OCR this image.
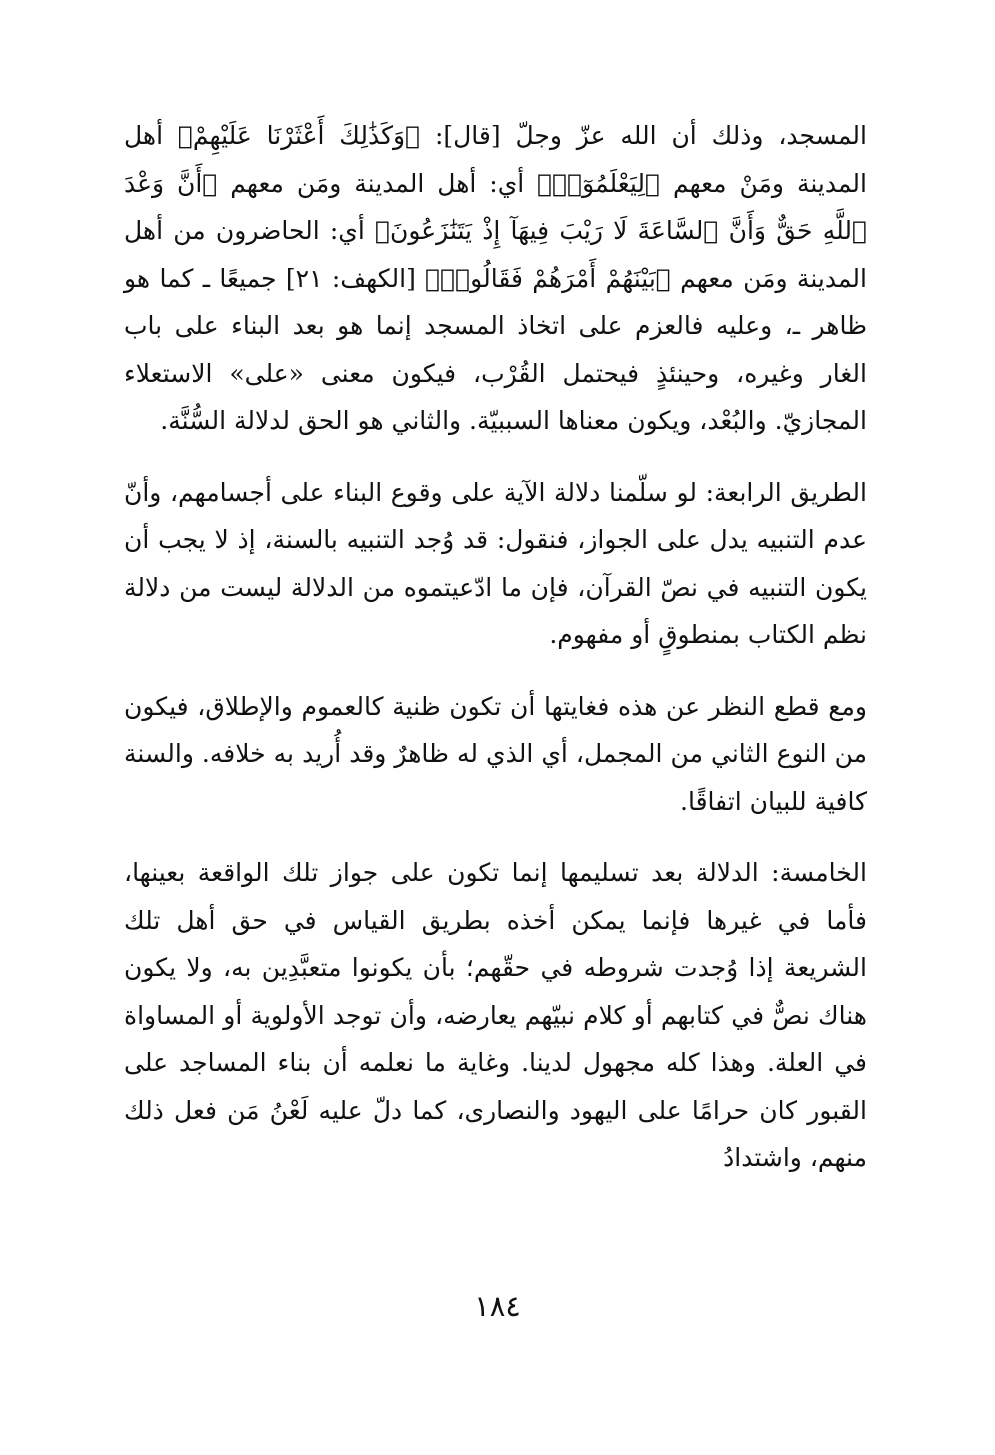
المسجد، وذلك أن الله عزّ وجلّ [قال]: ﴿وَكَذَٰلِكَ أَعْثَرْنَا عَلَيْهِمْ﴾ أهل المدينة ومَنْ معهم ﴿لِيَعْلَمُوٓا۟﴾ أي: أهل المدينة ومَن معهم ﴿أَنَّ وَعْدَ ٱللَّهِ حَقٌّ وَأَنَّ ٱلسَّاعَةَ لَا رَيْبَ فِيهَآ إِذْ يَتَنَٰزَعُونَ﴾ أي: الحاضرون من أهل المدينة ومَن معهم ﴿بَيْنَهُمْ أَمْرَهُمْ فَقَالُوا۟﴾ [الكهف: ٢١] جميعًا ـ كما هو ظاهر ـ، وعليه فالعزم على اتخاذ المسجد إنما هو بعد البناء على باب الغار وغيره، وحينئذٍ فيحتمل القُرْب، فيكون معنى «على» الاستعلاء المجازيّ. والبُعْد، ويكون معناها السببيّة. والثاني هو الحق لدلالة السُّنَّة.

الطريق الرابعة: لو سلّمنا دلالة الآية على وقوع البناء على أجسامهم، وأنّ عدم التنبيه يدل على الجواز، فنقول: قد وُجد التنبيه بالسنة، إذ لا يجب أن يكون التنبيه في نصّ القرآن، فإن ما ادّعيتموه من الدلالة ليست من دلالة نظم الكتاب بمنطوقٍ أو مفهوم.

ومع قطع النظر عن هذه فغايتها أن تكون ظنية كالعموم والإطلاق، فيكون من النوع الثاني من المجمل، أي الذي له ظاهرٌ وقد أُريد به خلافه. والسنة كافية للبيان اتفاقًا.

الخامسة: الدلالة بعد تسليمها إنما تكون على جواز تلك الواقعة بعينها، فأما في غيرها فإنما يمكن أخذه بطريق القياس في حق أهل تلك الشريعة إذا وُجدت شروطه في حقّهم؛ بأن يكونوا متعبَّدِين به، ولا يكون هناك نصٌّ في كتابهم أو كلام نبيّهم يعارضه، وأن توجد الأولوية أو المساواة في العلة. وهذا كله مجهول لدينا. وغاية ما نعلمه أن بناء المساجد على القبور كان حرامًا على اليهود والنصارى، كما دلّ عليه لَعْنُ مَن فعل ذلك منهم، واشتدادُ

١٨٤
